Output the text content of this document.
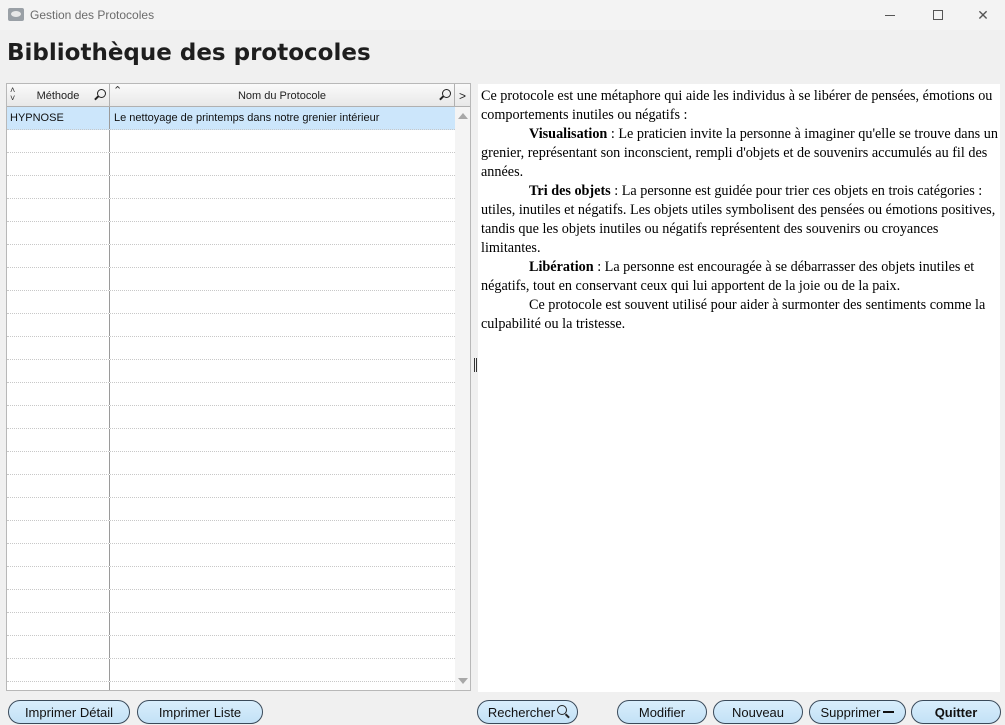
Gestion des Protocoles	✕
Bibliothèque des protocoles
˄
˅ Méthode	⌃	Nom du Protocole	>
HYPNOSE	Le nettoyage de printemps dans notre grenier intérieur

Ce protocole est une métaphore qui aide les individus à se libérer de pensées, émotions ou comportements inutiles ou négatifs :

Visualisation : Le praticien invite la personne à imaginer qu'elle se trouve dans un grenier, représentant son inconscient, rempli d'objets et de souvenirs accumulés au fil des années.

Tri des objets : La personne est guidée pour trier ces objets en trois catégories : utiles, inutiles et négatifs. Les objets utiles symbolisent des pensées ou émotions positives, tandis que les objets inutiles ou négatifs représentent des souvenirs ou croyances limitantes.

Libération : La personne est encouragée à se débarrasser des objets inutiles et négatifs, tout en conservant ceux qui lui apportent de la joie ou de la paix.

Ce protocole est souvent utilisé pour aider à surmonter des sentiments comme la culpabilité ou la tristesse.

Imprimer Détail	Imprimer Liste	Rechercher	Modifier	Nouveau	Supprimer	Quitter
